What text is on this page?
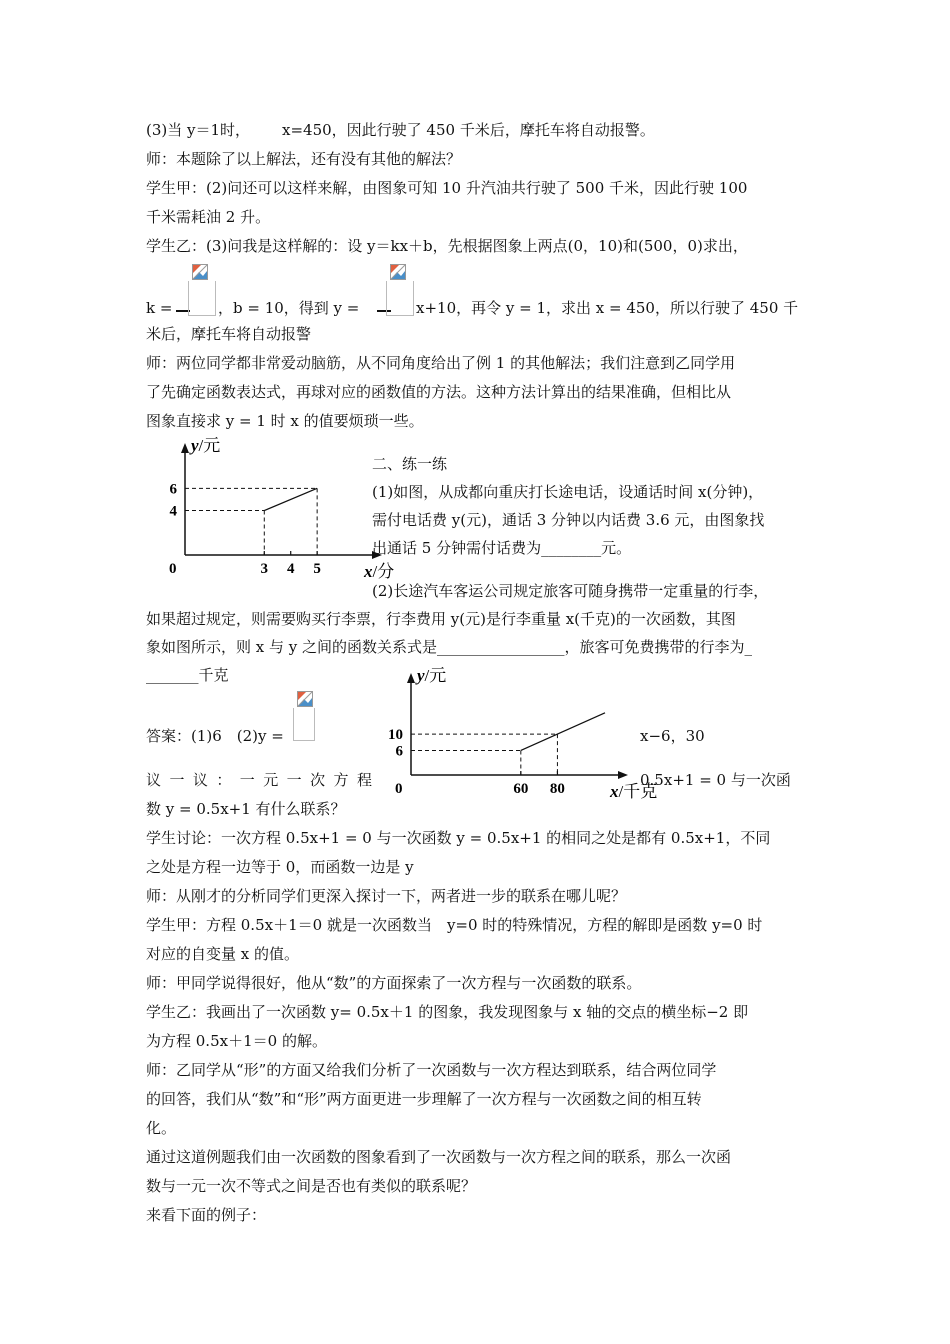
(3)当 y＝1时， x=450，因此行驶了 450 千米后，摩托车将自动报警。
师：本题除了以上解法，还有没有其他的解法？
学生甲：(2)问还可以这样来解，由图象可知 10 升汽油共行驶了 500 千米，因此行驶 100
千米需耗油 2 升。
学生乙：(3)问我是这样解的：设 y＝kx＋b，先根据图象上两点(0，10)和(500，0)求出，
k =	，b = 10，得到 y =	x+10，再令 y = 1，求出 x = 450，所以行驶了 450 千
米后，摩托车将自动报警
师：两位同学都非常爱动脑筋，从不同角度给出了例 1 的其他解法；我们注意到乙同学用
了先确定函数表达式，再球对应的函数值的方法。这种方法计算出的结果准确，但相比从
图象直接求 y = 1 时 x 的值要烦琐一些。
y/元
x/分
0	3 4 5
4
6
二、练一练
(1)如图，从成都向重庆打长途电话，设通话时间 x(分钟)，
需付电话费 y(元)，通话 3 分钟以内话费 3.6 元，由图象找
出通话 5 分钟需付话费为________元。
(2)长途汽车客运公司规定旅客可随身携带一定重量的行李，
如果超过规定，则需要购买行李票，行李费用 y(元)是行李重量 x(千克)的一次函数，其图
象如图所示，则 x 与 y 之间的函数关系式是_________________，旅客可免费携带的行李为_
_______千克
答案：(1)6　(2)y =	x−6，30
y/元
x/千克
0	60 80
6
10
议 一 议 ： 一 元 一 次 方 程	0.5x+1 = 0 与一次函
数 y = 0.5x+1 有什么联系？
学生讨论：一次方程 0.5x+1 = 0 与一次函数 y = 0.5x+1 的相同之处是都有 0.5x+1，不同
之处是方程一边等于 0，而函数一边是 y
师：从刚才的分析同学们更深入探讨一下，两者进一步的联系在哪儿呢？
学生甲：方程 0.5x＋1＝0 就是一次函数当　y=0 时的特殊情况，方程的解即是函数 y=0 时
对应的自变量 x 的值。
师：甲同学说得很好，他从“数”的方面探索了一次方程与一次函数的联系。
学生乙：我画出了一次函数 y= 0.5x＋1 的图象，我发现图象与 x 轴的交点的横坐标−2 即
为方程 0.5x＋1＝0 的解。
师：乙同学从“形”的方面又给我们分析了一次函数与一次方程达到联系，结合两位同学
的回答，我们从“数”和“形”两方面更进一步理解了一次方程与一次函数之间的相互转
化。
通过这道例题我们由一次函数的图象看到了一次函数与一次方程之间的联系，那么一次函
数与一元一次不等式之间是否也有类似的联系呢？
来看下面的例子：
